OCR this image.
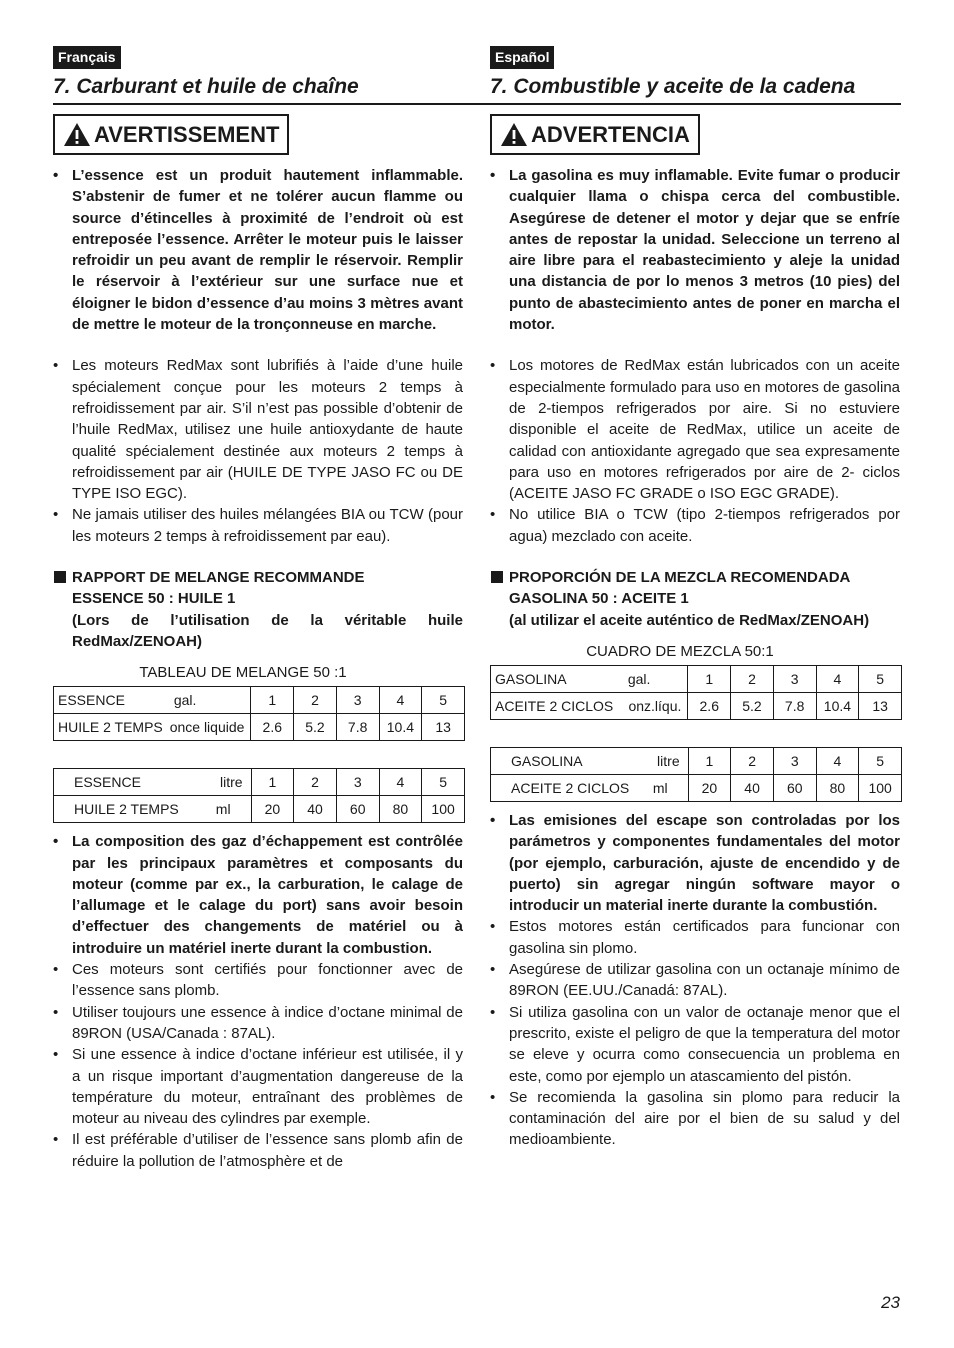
Français
7. Carburant et huile de chaîne
AVERTISSEMENT
• L’essence est un produit hautement inflammable. S’abstenir de fumer et ne tolérer aucun flamme ou source d’étincelles à proximité de l’endroit où est entreposée l’essence. Arrêter le moteur puis le laisser refroidir un peu avant de remplir le réservoir. Remplir le réservoir à l’extérieur sur une surface nue et éloigner le bidon d’essence d’au moins 3 mètres avant de mettre le moteur de la tronçonneuse en marche.
• Les moteurs RedMax sont lubrifiés à l’aide d’une huile spécialement conçue pour les moteurs 2 temps à refroidissement par air. S’il n’est pas possible d’obtenir de l’huile RedMax, utilisez une huile antioxydante de haute qualité spécialement destinée aux moteurs 2 temps à refroidissement par air (HUILE DE TYPE JASO FC ou DE TYPE ISO EGC).
• Ne jamais utiliser des huiles mélangées BIA ou TCW (pour les moteurs 2 temps à refroidissement par eau).
RAPPORT DE MELANGE RECOMMANDE
ESSENCE 50 : HUILE 1
(Lors de l’utilisation de la véritable huile RedMax/ZENOAH)
TABLEAU DE MELANGE 50 :1
ESSENCE gal.	1	2	3	4	5
HUILE 2 TEMPS once liquide	2.6	5.2	7.8	10.4	13
ESSENCE litre	1	2	3	4	5
HUILE 2 TEMPS ml	20	40	60	80	100
• La composition des gaz d’échappement est contrôlée par les principaux paramètres et composants du moteur (comme par ex., la carburation, le calage de l’allumage et le calage du port) sans avoir besoin d’effectuer des changements de matériel ou à introduire un matériel inerte durant la combustion.
• Ces moteurs sont certifiés pour fonctionner avec de l’essence sans plomb.
• Utiliser toujours une essence à indice d’octane minimal de 89RON (USA/Canada : 87AL).
• Si une essence à indice d’octane inférieur est utilisée, il y a un risque important d’augmentation dangereuse de la température du moteur, entraînant des problèmes de moteur au niveau des cylindres par exemple.
• Il est préférable d’utiliser de l’essence sans plomb afin de réduire la pollution de l’atmosphère et de
Español
7. Combustible y aceite de la cadena
ADVERTENCIA
• La gasolina es muy inflamable. Evite fumar o producir cualquier llama o chispa cerca del combustible. Asegúrese de detener el motor y dejar que se enfríe antes de repostar la unidad. Seleccione un terreno al aire libre para el reabastecimiento y aleje la unidad una distancia de por lo menos 3 metros (10 pies) del punto de abastecimiento antes de poner en marcha el motor.
• Los motores de RedMax están lubricados con un aceite especialmente formulado para uso en motores de gasolina de 2-tiempos refrigerados por aire. Si no estuviere disponible el aceite de RedMax, utilice un aceite de calidad con antioxidante agregado que sea expresamente para uso en motores refrigerados por aire de 2- ciclos (ACEITE JASO FC GRADE o ISO EGC GRADE).
• No utilice BIA o TCW (tipo 2-tiempos refrigerados por agua) mezclado con aceite.
PROPORCIÓN DE LA MEZCLA RECOMENDADA
GASOLINA 50 : ACEITE 1
(al utilizar el aceite auténtico de RedMax/ZENOAH)
CUADRO DE MEZCLA 50:1
GASOLINA gal.	1	2	3	4	5
ACEITE 2 CICLOS onz.líqu.	2.6	5.2	7.8	10.4	13
GASOLINA litre	1	2	3	4	5
ACEITE 2 CICLOS ml	20	40	60	80	100
• Las emisiones del escape son controladas por los parámetros y componentes fundamentales del motor (por ejemplo, carburación, ajuste de encendido y de puerto) sin agregar ningún software mayor o introducir un material inerte durante la combustión.
• Estos motores están certificados para funcionar con gasolina sin plomo.
• Asegúrese de utilizar gasolina con un octanaje mínimo de 89RON (EE.UU./Canadá: 87AL).
• Si utiliza gasolina con un valor de octanaje menor que el prescrito, existe el peligro de que la temperatura del motor se eleve y ocurra como consecuencia un problema en este, como por ejemplo un atascamiento del pistón.
• Se recomienda la gasolina sin plomo para reducir la contaminación del aire por el bien de su salud y del medioambiente.
23
